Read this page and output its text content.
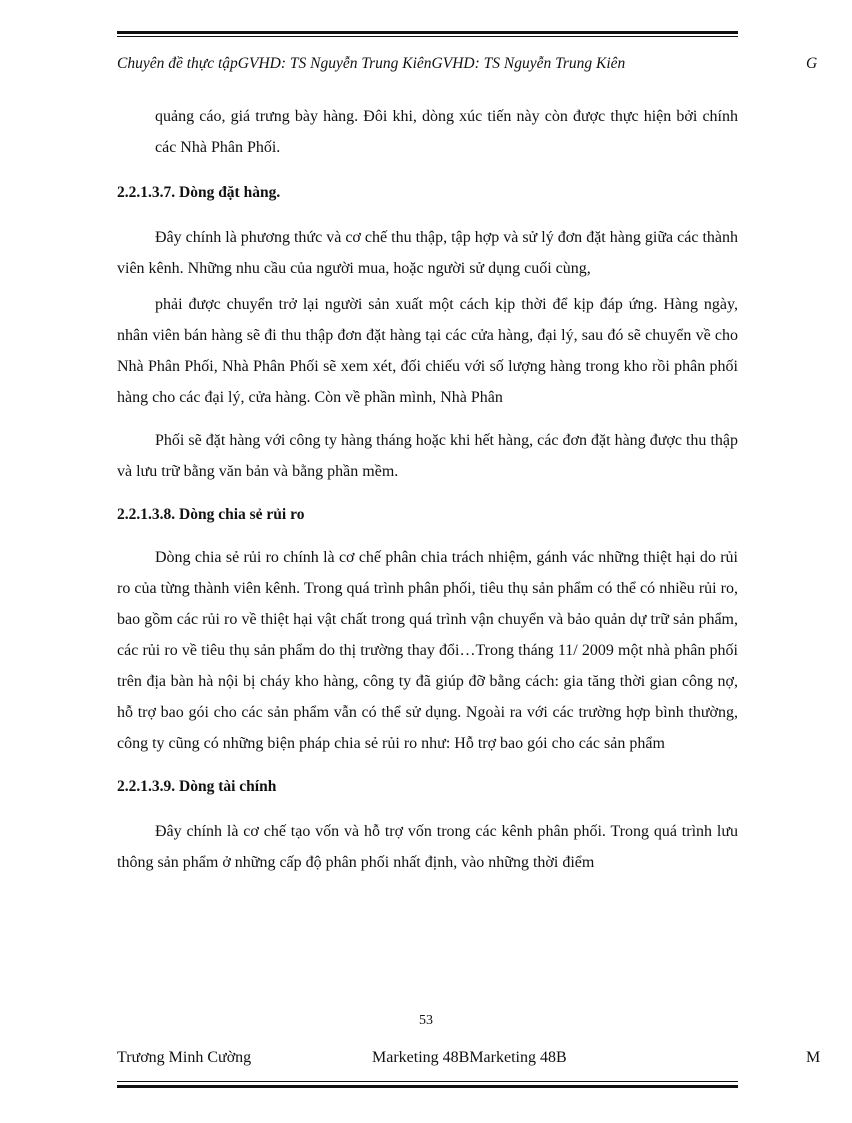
Chuyên đề thực tậpGVHD: TS Nguyễn Trung KiênGVHD: TS Nguyễn Trung Kiên	G

quảng cáo, giá trưng bày hàng. Đôi khi, dòng xúc tiến này còn được thực hiện bởi chính các Nhà Phân Phối.

2.2.1.3.7. Dòng đặt hàng.

Đây chính là phương thức và cơ chế thu thập, tập hợp và sử lý đơn đặt hàng giữa các thành viên kênh. Những nhu cầu của người mua, hoặc người sử dụng cuối cùng,

phải được chuyển trở lại người sản xuất một cách kịp thời để kịp đáp ứng. Hàng ngày, nhân viên bán hàng sẽ đi thu thập đơn đặt hàng tại các cửa hàng, đại lý, sau đó sẽ chuyển về cho Nhà Phân Phối, Nhà Phân Phối sẽ xem xét, đối chiếu với số lượng hàng trong kho rồi phân phối hàng cho các đại lý, cửa hàng. Còn về phần mình, Nhà Phân

Phối sẽ đặt hàng với công ty hàng tháng hoặc khi hết hàng, các đơn đặt hàng được thu thập và lưu trữ bằng văn bản và bằng phần mềm.

2.2.1.3.8. Dòng chia sẻ rủi ro

Dòng chia sẻ rủi ro chính là cơ chế phân chia trách nhiệm, gánh vác những thiệt hại do rủi ro của từng thành viên kênh. Trong quá trình phân phối, tiêu thụ sản phẩm có thể có nhiều rủi ro, bao gồm các rủi ro về thiệt hại vật chất trong quá trình vận chuyển và bảo quản dự trữ sản phẩm, các rủi ro về tiêu thụ sản phẩm do thị trường thay đổi…Trong tháng 11/ 2009 một nhà phân phối trên địa bàn hà nội bị cháy kho hàng, công ty đã giúp đỡ bằng cách: gia tăng thời gian công nợ, hỗ trợ bao gói cho các sản phẩm vẫn có thể sử dụng. Ngoài ra với các trường hợp bình thường, công ty cũng có những biện pháp chia sẻ rủi ro như: Hỗ trợ bao gói cho các sản phẩm

2.2.1.3.9. Dòng tài chính

Đây chính là cơ chế tạo vốn và hỗ trợ vốn trong các kênh phân phối. Trong quá trình lưu thông sản phẩm ở những cấp độ phân phối nhất định, vào những thời điểm

53
Trương Minh Cường	Marketing 48BMarketing 48B	M
